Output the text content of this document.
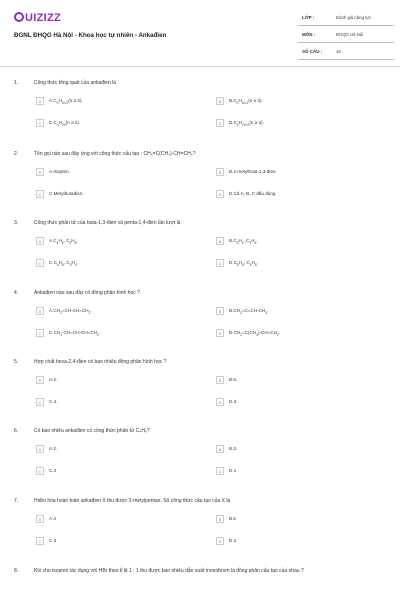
UIZIZZ
ĐGNL ĐHQG Hà Nội - Khoa học tự nhiên - Ankađien
LỚP :	Đánh giá năng lực
MÔN :	ĐHQG Hà Nội
SỐ CÂU :	16
1.	Công thức tổng quát của ankađien là
A	$A.C_nH_{2n-2}(n \ge 2)$.	B	$B.C_nH_{2n-2}(n \ge 3)$.
C	$C.C_nH_{2n}(n \ge 2)$.	D	$D.C_nH_{2n+2}(n \ge 2)$.
2.	Tên gọi nào sau đây ứng với công thức cấu tạo : CH₂=C(CH₃)-CH=CH₂?
A	A.Isopren.	B	B.2-metylbuta-1,3-đien.
C	C.Metylbutađien.	D	D.Cả A, B, C đều đúng
3.	Công thức phân tử của buta-1,3-đien và penta-1,4-đien lần lượt là
A	$A.C_4H_6$, $C_5H_8$.	B	$B.C_3H_4$, $C_4H_6$.
C	$C.C_4H_6$, $C_5H_4$.	D	$D.C_5H_8$, $C_4H_6$.
4.	Ankađien nào sau đây có đồng phân hình học ?
A	$A.CH_2=CH-CH=CH_2$.	B	$B.CH_2=C=CH-CH_3$.
C	$C.CH_3-CH=CH-CH=CH_2$.	D	$D.CH_2=C(CH_3)-CH=CH_2$.
5.	Hợp chất hexa-2,4-đien có bao nhiêu đồng phân hình học ?
A	A.2.	B	B.5.
C	C.4.	D	D.3.
6.	Có bao nhiêu ankađien có công thức phân tử C₄H₆?
A	A.2.	B	B.3.
C	C.4	D	D.1
7.	Hiđro hóa hoàn toàn ankađien X thu được 2-metylpentan. Số công thức cấu tạo của X là
A	A.4	B	B.5
C	C.3	D	D.2
8.	Khi cho isopren tác dụng với HBr theo tỉ lệ 1 : 1 thu được bao nhiêu dẫn xuất monobrom là đồng phân cấu tạo của nhau ?
